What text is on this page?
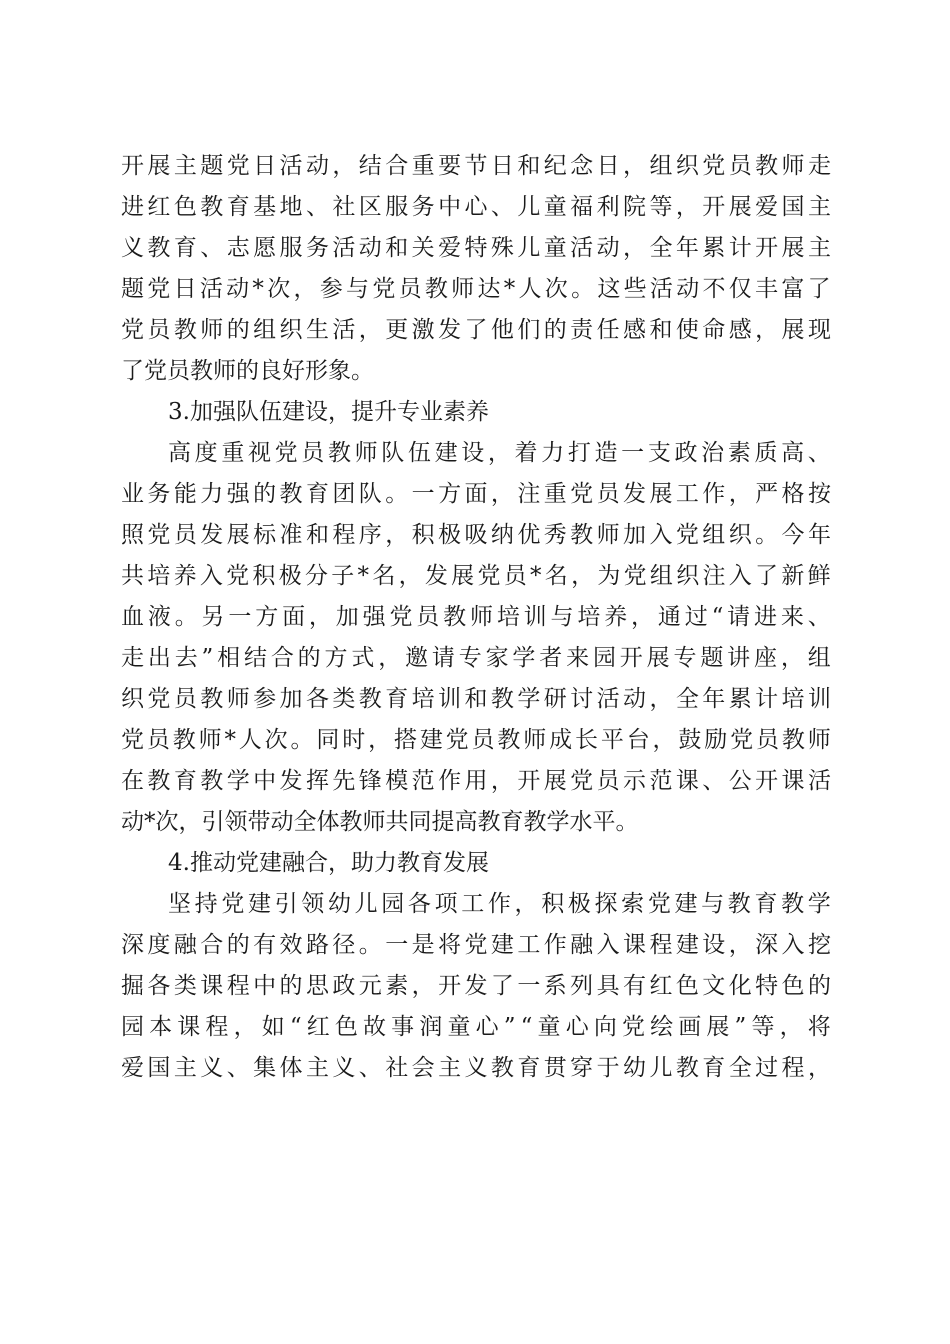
开 展 主 题 党 日 活 动 ， 结 合 重 要 节 日 和 纪 念 日 ， 组 织 党 员 教 师 走
进 红 色 教 育 基 地 、 社 区 服 务 中 心 、 儿 童 福 利 院 等 ， 开 展 爱 国 主
义 教 育 、 志 愿 服 务 活 动 和 关 爱 特 殊 儿 童 活 动 ， 全 年 累 计 开 展 主
题 党 日 活 动 * 次 ， 参 与 党 员 教 师 达 * 人 次 。 这 些 活 动 不 仅 丰 富 了
党 员 教 师 的 组 织 生 活 ， 更 激 发 了 他 们 的 责 任 感 和 使 命 感 ， 展 现
了党员教师的良好形象。
3.加强队伍建设，提升专业素养
高 度 重 视 党 员 教 师 队 伍 建 设 ， 着 力 打 造 一 支 政 治 素 质 高 、
业 务 能 力 强 的 教 育 团 队 。 一 方 面 ， 注 重 党 员 发 展 工 作 ， 严 格 按
照 党 员 发 展 标 准 和 程 序 ， 积 极 吸 纳 优 秀 教 师 加 入 党 组 织 。 今 年
共 培 养 入 党 积 极 分 子 * 名 ， 发 展 党 员 * 名 ， 为 党 组 织 注 入 了 新 鲜
血 液 。 另 一 方 面 ， 加 强 党 员 教 师 培 训 与 培 养 ， 通 过 “ 请 进 来 、
走 出 去 ” 相 结 合 的 方 式 ， 邀 请 专 家 学 者 来 园 开 展 专 题 讲 座 ， 组
织 党 员 教 师 参 加 各 类 教 育 培 训 和 教 学 研 讨 活 动 ， 全 年 累 计 培 训
党 员 教 师 * 人 次 。 同 时 ， 搭 建 党 员 教 师 成 长 平 台 ， 鼓 励 党 员 教 师
在 教 育 教 学 中 发 挥 先 锋 模 范 作 用 ， 开 展 党 员 示 范 课 、 公 开 课 活
动*次，引领带动全体教师共同提高教育教学水平。
4.推动党建融合，助力教育发展
坚 持 党 建 引 领 幼 儿 园 各 项 工 作 ， 积 极 探 索 党 建 与 教 育 教 学
深 度 融 合 的 有 效 路 径 。 一 是 将 党 建 工 作 融 入 课 程 建 设 ， 深 入 挖
掘 各 类 课 程 中 的 思 政 元 素 ， 开 发 了 一 系 列 具 有 红 色 文 化 特 色 的
园 本 课 程 ， 如 “ 红 色 故 事 润 童 心 ” “ 童 心 向 党 绘 画 展 ” 等 ， 将
爱 国 主 义 、 集 体 主 义 、 社 会 主 义 教 育 贯 穿 于 幼 儿 教 育 全 过 程 ，
